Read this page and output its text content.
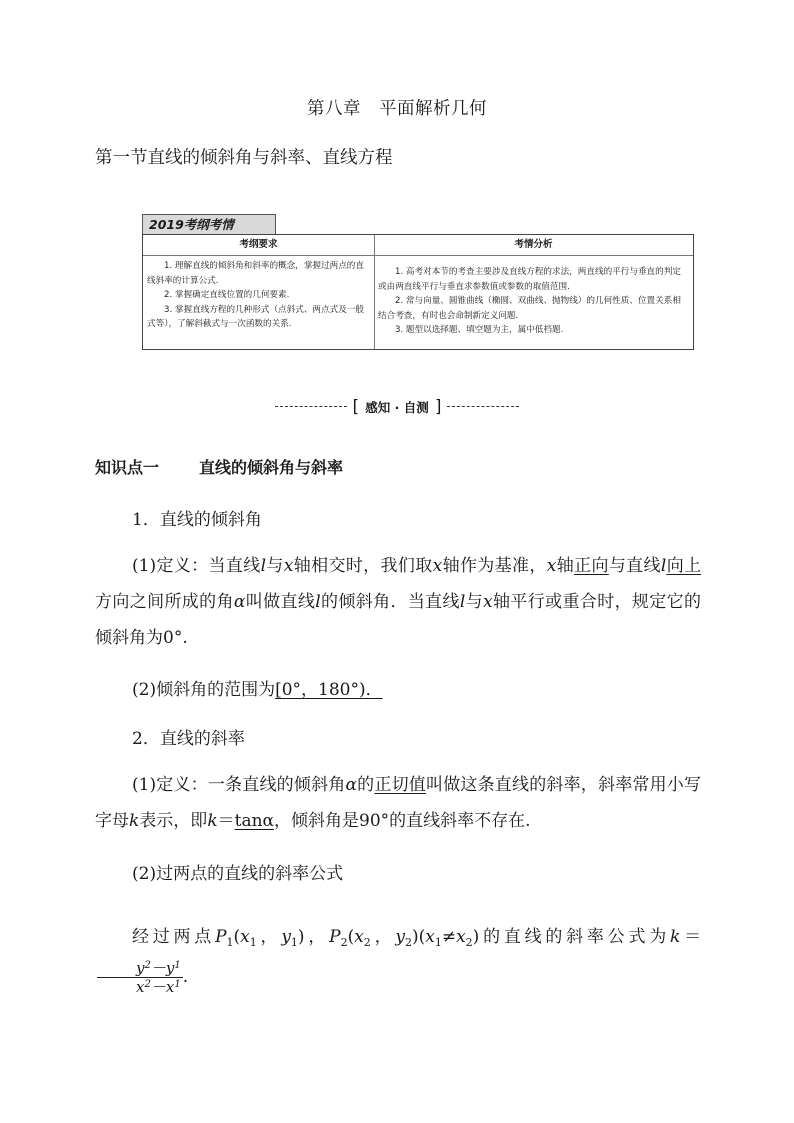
第八章　平面解析几何
第一节直线的倾斜角与斜率、直线方程
2019考纲考情
考纲要求
1. 理解直线的倾斜角和斜率的概念，掌握过两点的直线斜率的计算公式.
2. 掌握确定直线位置的几何要素.
3. 掌握直线方程的几种形式（点斜式、两点式及一般式等），了解斜截式与一次函数的关系.
考情分析
1. 高考对本节的考查主要涉及直线方程的求法，两直线的平行与垂直的判定或由两直线平行与垂直求参数值或参数的取值范围.
2. 常与向量、圆锥曲线（椭圆、双曲线、抛物线）的几何性质、位置关系相结合考查，有时也会命制新定义问题.
3. 题型以选择题、填空题为主，属中低档题.
[ 感知 · 自测 ]
知识点一	直线的倾斜角与斜率
1．直线的倾斜角
(1)定义：当直线l与x轴相交时，我们取x轴作为基准，x轴正向与直线l向上方向之间所成的角α叫做直线l的倾斜角．当直线l与x轴平行或重合时，规定它的倾斜角为0°.
(2)倾斜角的范围为[0°，180°)．
2．直线的斜率
(1)定义：一条直线的倾斜角α的正切值叫做这条直线的斜率，斜率常用小写字母k表示，即k＝tanα，倾斜角是90°的直线斜率不存在.
(2)过两点的直线的斜率公式
经过两点$P_1(x_1$，$y_1$)，$P_2(x_2$，$y_2)(x_1\ne x_2)$的直线的斜率公式为k＝
$\frac{y^2-y^1}{x^2-x^1}$ .
